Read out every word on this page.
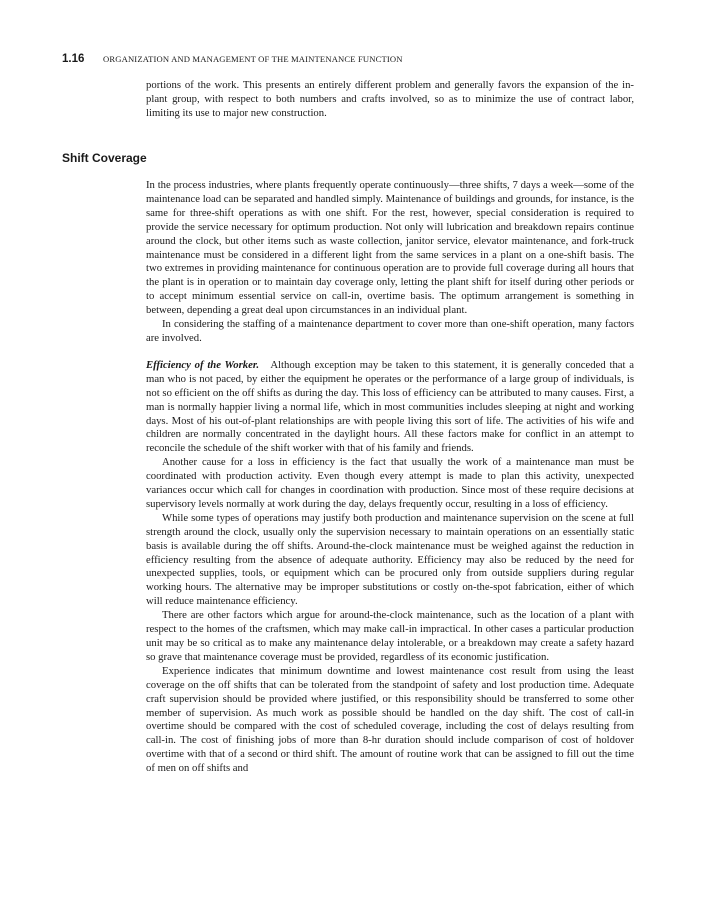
1.16 ORGANIZATION AND MANAGEMENT OF THE MAINTENANCE FUNCTION

portions of the work. This presents an entirely different problem and generally favors the expansion of the in-plant group, with respect to both numbers and crafts involved, so as to minimize the use of contract labor, limiting its use to major new construction.

Shift Coverage

In the process industries, where plants frequently operate continuously—three shifts, 7 days a week—some of the maintenance load can be separated and handled simply. Maintenance of buildings and grounds, for instance, is the same for three-shift operations as with one shift. For the rest, however, special consideration is required to provide the service necessary for optimum production. Not only will lubrication and breakdown repairs continue around the clock, but other items such as waste collection, janitor service, elevator maintenance, and fork-truck maintenance must be considered in a different light from the same services in a plant on a one-shift basis. The two extremes in providing maintenance for continuous operation are to provide full coverage during all hours that the plant is in operation or to maintain day coverage only, letting the plant shift for itself during other periods or to accept minimum essential service on call-in, overtime basis. The optimum arrangement is something in between, depending a great deal upon circumstances in an individual plant.

In considering the staffing of a maintenance department to cover more than one-shift operation, many factors are involved.

Efficiency of the Worker. Although exception may be taken to this statement, it is generally conceded that a man who is not paced, by either the equipment he operates or the performance of a large group of individuals, is not so efficient on the off shifts as during the day. This loss of efficiency can be attributed to many causes. First, a man is normally happier living a normal life, which in most communities includes sleeping at night and working days. Most of his out-of-plant relationships are with people living this sort of life. The activities of his wife and children are normally concentrated in the daylight hours. All these factors make for conflict in an attempt to reconcile the schedule of the shift worker with that of his family and friends.

Another cause for a loss in efficiency is the fact that usually the work of a maintenance man must be coordinated with production activity. Even though every attempt is made to plan this activity, unexpected variances occur which call for changes in coordination with production. Since most of these require decisions at supervisory levels normally at work during the day, delays frequently occur, resulting in a loss of efficiency.

While some types of operations may justify both production and maintenance supervision on the scene at full strength around the clock, usually only the supervision necessary to maintain operations on an essentially static basis is available during the off shifts. Around-the-clock maintenance must be weighed against the reduction in efficiency resulting from the absence of adequate authority. Efficiency may also be reduced by the need for unexpected supplies, tools, or equipment which can be procured only from outside suppliers during regular working hours. The alternative may be improper substitutions or costly on-the-spot fabrication, either of which will reduce maintenance efficiency.

There are other factors which argue for around-the-clock maintenance, such as the location of a plant with respect to the homes of the craftsmen, which may make call-in impractical. In other cases a particular production unit may be so critical as to make any maintenance delay intolerable, or a breakdown may create a safety hazard so grave that maintenance coverage must be provided, regardless of its economic justification.

Experience indicates that minimum downtime and lowest maintenance cost result from using the least coverage on the off shifts that can be tolerated from the standpoint of safety and lost production time. Adequate craft supervision should be provided where justified, or this responsibility should be transferred to some other member of supervision. As much work as possible should be handled on the day shift. The cost of call-in overtime should be compared with the cost of scheduled coverage, including the cost of delays resulting from call-in. The cost of finishing jobs of more than 8-hr duration should include comparison of cost of holdover overtime with that of a second or third shift. The amount of routine work that can be assigned to fill out the time of men on off shifts and
